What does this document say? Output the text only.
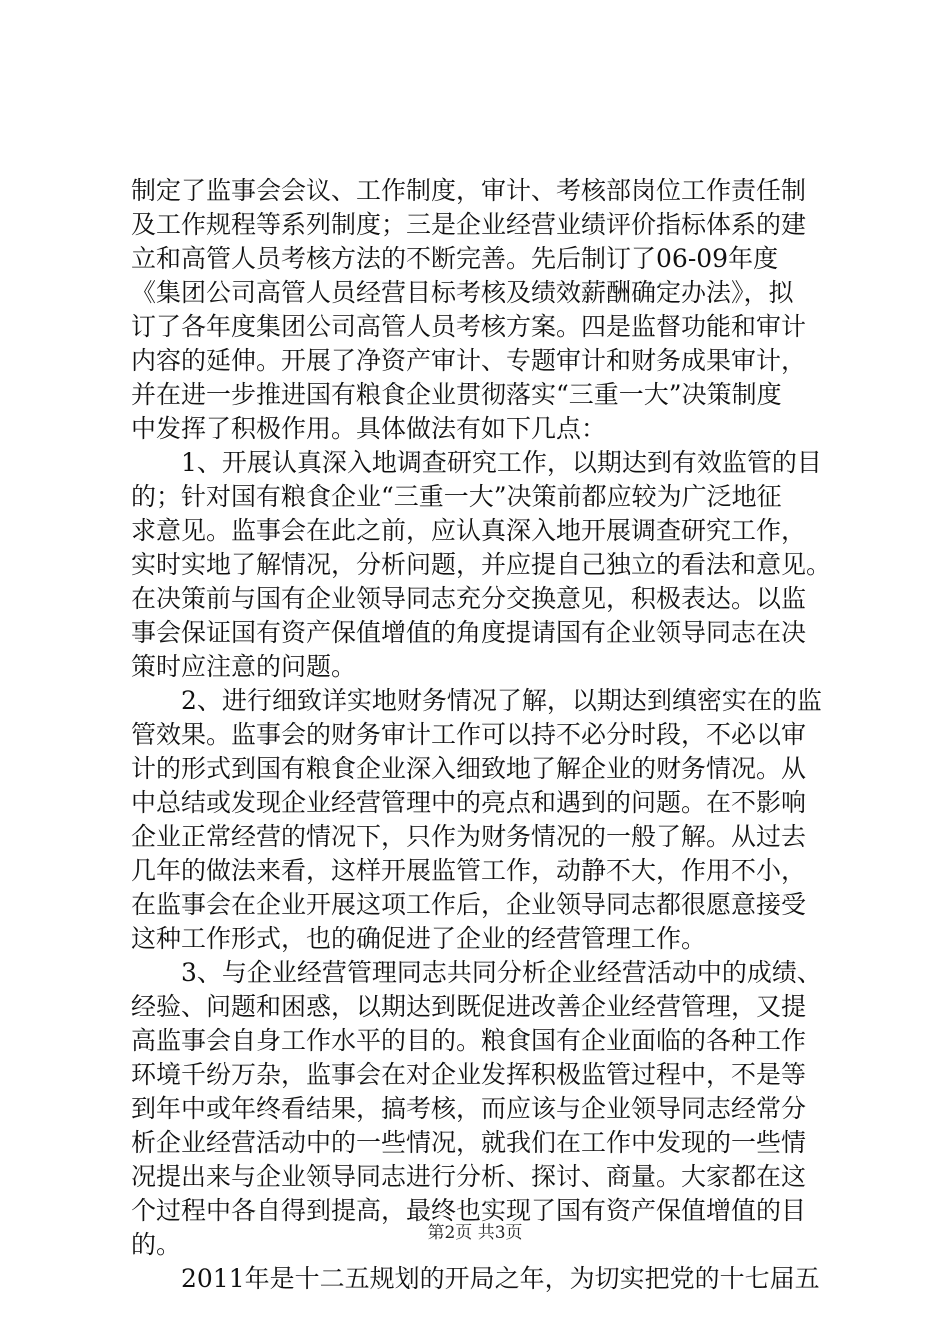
制定了监事会会议、工作制度，审计、考核部岗位工作责任制
及工作规程等系列制度；三是企业经营业绩评价指标体系的建
立和高管人员考核方法的不断完善。先后制订了06-09年度
《集团公司高管人员经营目标考核及绩效薪酬确定办法》，拟
订了各年度集团公司高管人员考核方案。四是监督功能和审计
内容的延伸。开展了净资产审计、专题审计和财务成果审计，
并在进一步推进国有粮食企业贯彻落实“三重一大”决策制度
中发挥了积极作用。具体做法有如下几点：
1、开展认真深入地调查研究工作，以期达到有效监管的目
的；针对国有粮食企业“三重一大”决策前都应较为广泛地征
求意见。监事会在此之前，应认真深入地开展调查研究工作，
实时实地了解情况，分析问题，并应提自己独立的看法和意见。
在决策前与国有企业领导同志充分交换意见，积极表达。以监
事会保证国有资产保值增值的角度提请国有企业领导同志在决
策时应注意的问题。
2、进行细致详实地财务情况了解，以期达到缜密实在的监
管效果。监事会的财务审计工作可以持不必分时段，不必以审
计的形式到国有粮食企业深入细致地了解企业的财务情况。从
中总结或发现企业经营管理中的亮点和遇到的问题。在不影响
企业正常经营的情况下，只作为财务情况的一般了解。从过去
几年的做法来看，这样开展监管工作，动静不大，作用不小，
在监事会在企业开展这项工作后，企业领导同志都很愿意接受
这种工作形式，也的确促进了企业的经营管理工作。
3、与企业经营管理同志共同分析企业经营活动中的成绩、
经验、问题和困惑，以期达到既促进改善企业经营管理，又提
高监事会自身工作水平的目的。粮食国有企业面临的各种工作
环境千纷万杂，监事会在对企业发挥积极监管过程中，不是等
到年中或年终看结果，搞考核，而应该与企业领导同志经常分
析企业经营活动中的一些情况，就我们在工作中发现的一些情
况提出来与企业领导同志进行分析、探讨、商量。大家都在这
个过程中各自得到提高，最终也实现了国有资产保值增值的目
的。
2011年是十二五规划的开局之年，为切实把党的十七届五
第2页 共3页
